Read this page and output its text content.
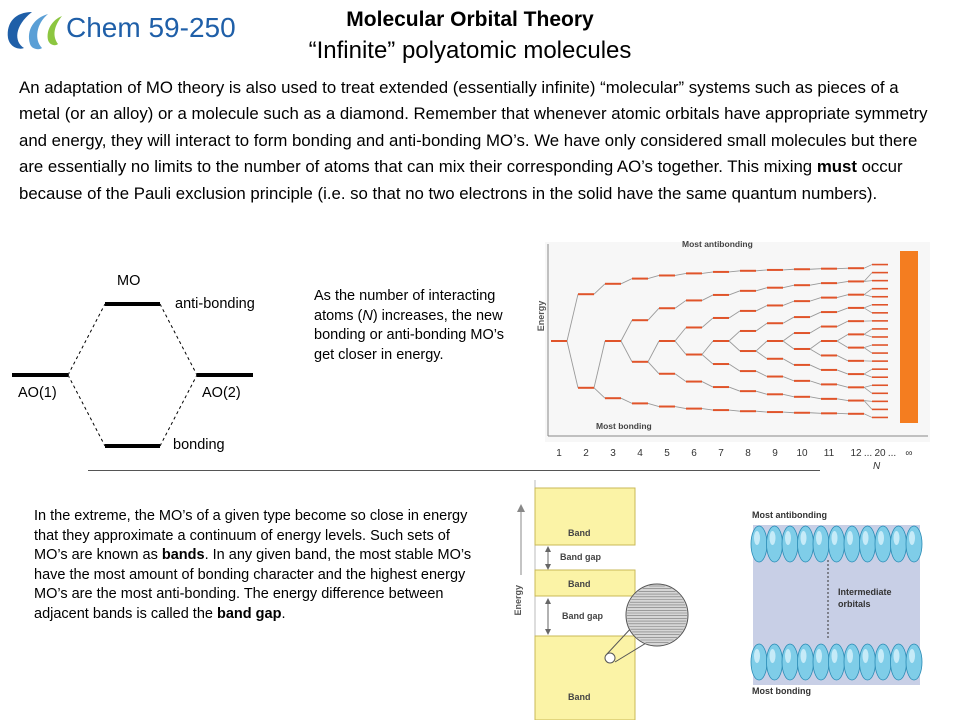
Chem 59-250	Molecular Orbital Theory
“Infinite” polyatomic molecules

An adaptation of MO theory is also used to treat extended (essentially infinite) “molecular” systems such as pieces of a metal (or an alloy) or a molecule such as a diamond. Remember that whenever atomic orbitals have appropriate symmetry and energy, they will interact to form bonding and anti-bonding MO’s. We have only considered small molecules but there are essentially no limits to the number of atoms that can mix their corresponding AO’s together. This mixing must occur because of the Pauli exclusion principle (i.e. so that no two electrons in the solid have the same quantum numbers).

MO
anti-bonding
AO(1)	AO(2)
bonding
As the number of interacting atoms (N) increases, the new bonding or anti-bonding MO’s get closer in energy.
Energy
Most antibonding
Most bonding
1 2 3 4 5 6 7 8 9 10 11 12 ... 20 ... ∞
N
In the extreme, the MO’s of a given type become so close in energy that they approximate a continuum of energy levels. Such sets of MO’s are known as bands. In any given band, the most stable MO’s have the most amount of bonding character and the highest energy MO’s are the most anti-bonding. The energy difference between adjacent bands is called the band gap.	Energy
Band
Band gap
Band
Band gap
Band
Most antibonding
Intermediate
orbitals
Most bonding
